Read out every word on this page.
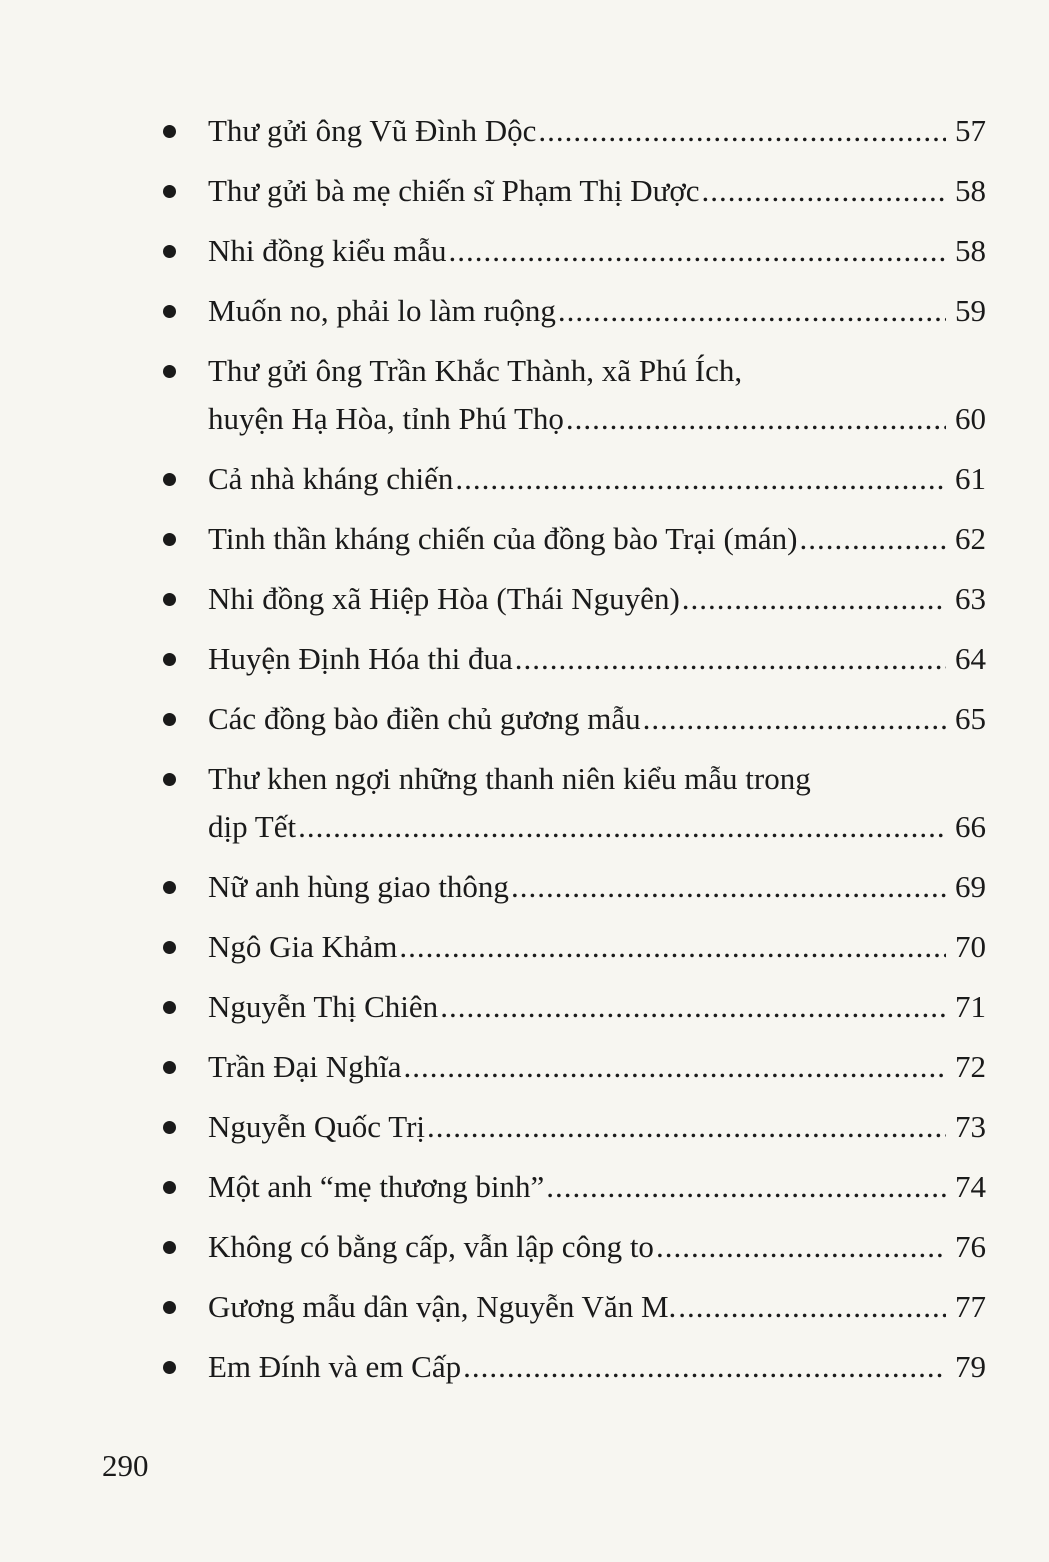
Thư gửi ông Vũ Đình Dộc .....	57
Thư gửi bà mẹ chiến sĩ Phạm Thị Dược .....	58
Nhi đồng kiểu mẫu .....	58
Muốn no, phải lo làm ruộng .....	59
Thư gửi ông Trần Khắc Thành, xã Phú Ích,
huyện Hạ Hòa, tỉnh Phú Thọ .....	60
Cả nhà kháng chiến .....	61
Tinh thần kháng chiến của đồng bào Trại (mán) .....	62
Nhi đồng xã Hiệp Hòa (Thái Nguyên) .....	63
Huyện Định Hóa thi đua .....	64
Các đồng bào điền chủ gương mẫu .....	65
Thư khen ngợi những thanh niên kiểu mẫu trong
dịp Tết .....	66
Nữ anh hùng giao thông .....	69
Ngô Gia Khảm .....	70
Nguyễn Thị Chiên .....	71
Trần Đại Nghĩa .....	72
Nguyễn Quốc Trị .....	73
Một anh “mẹ thương binh” .....	74
Không có bằng cấp, vẫn lập công to .....	76
Gương mẫu dân vận, Nguyễn Văn M. .....	77
Em Đính và em Cấp .....	79
290
